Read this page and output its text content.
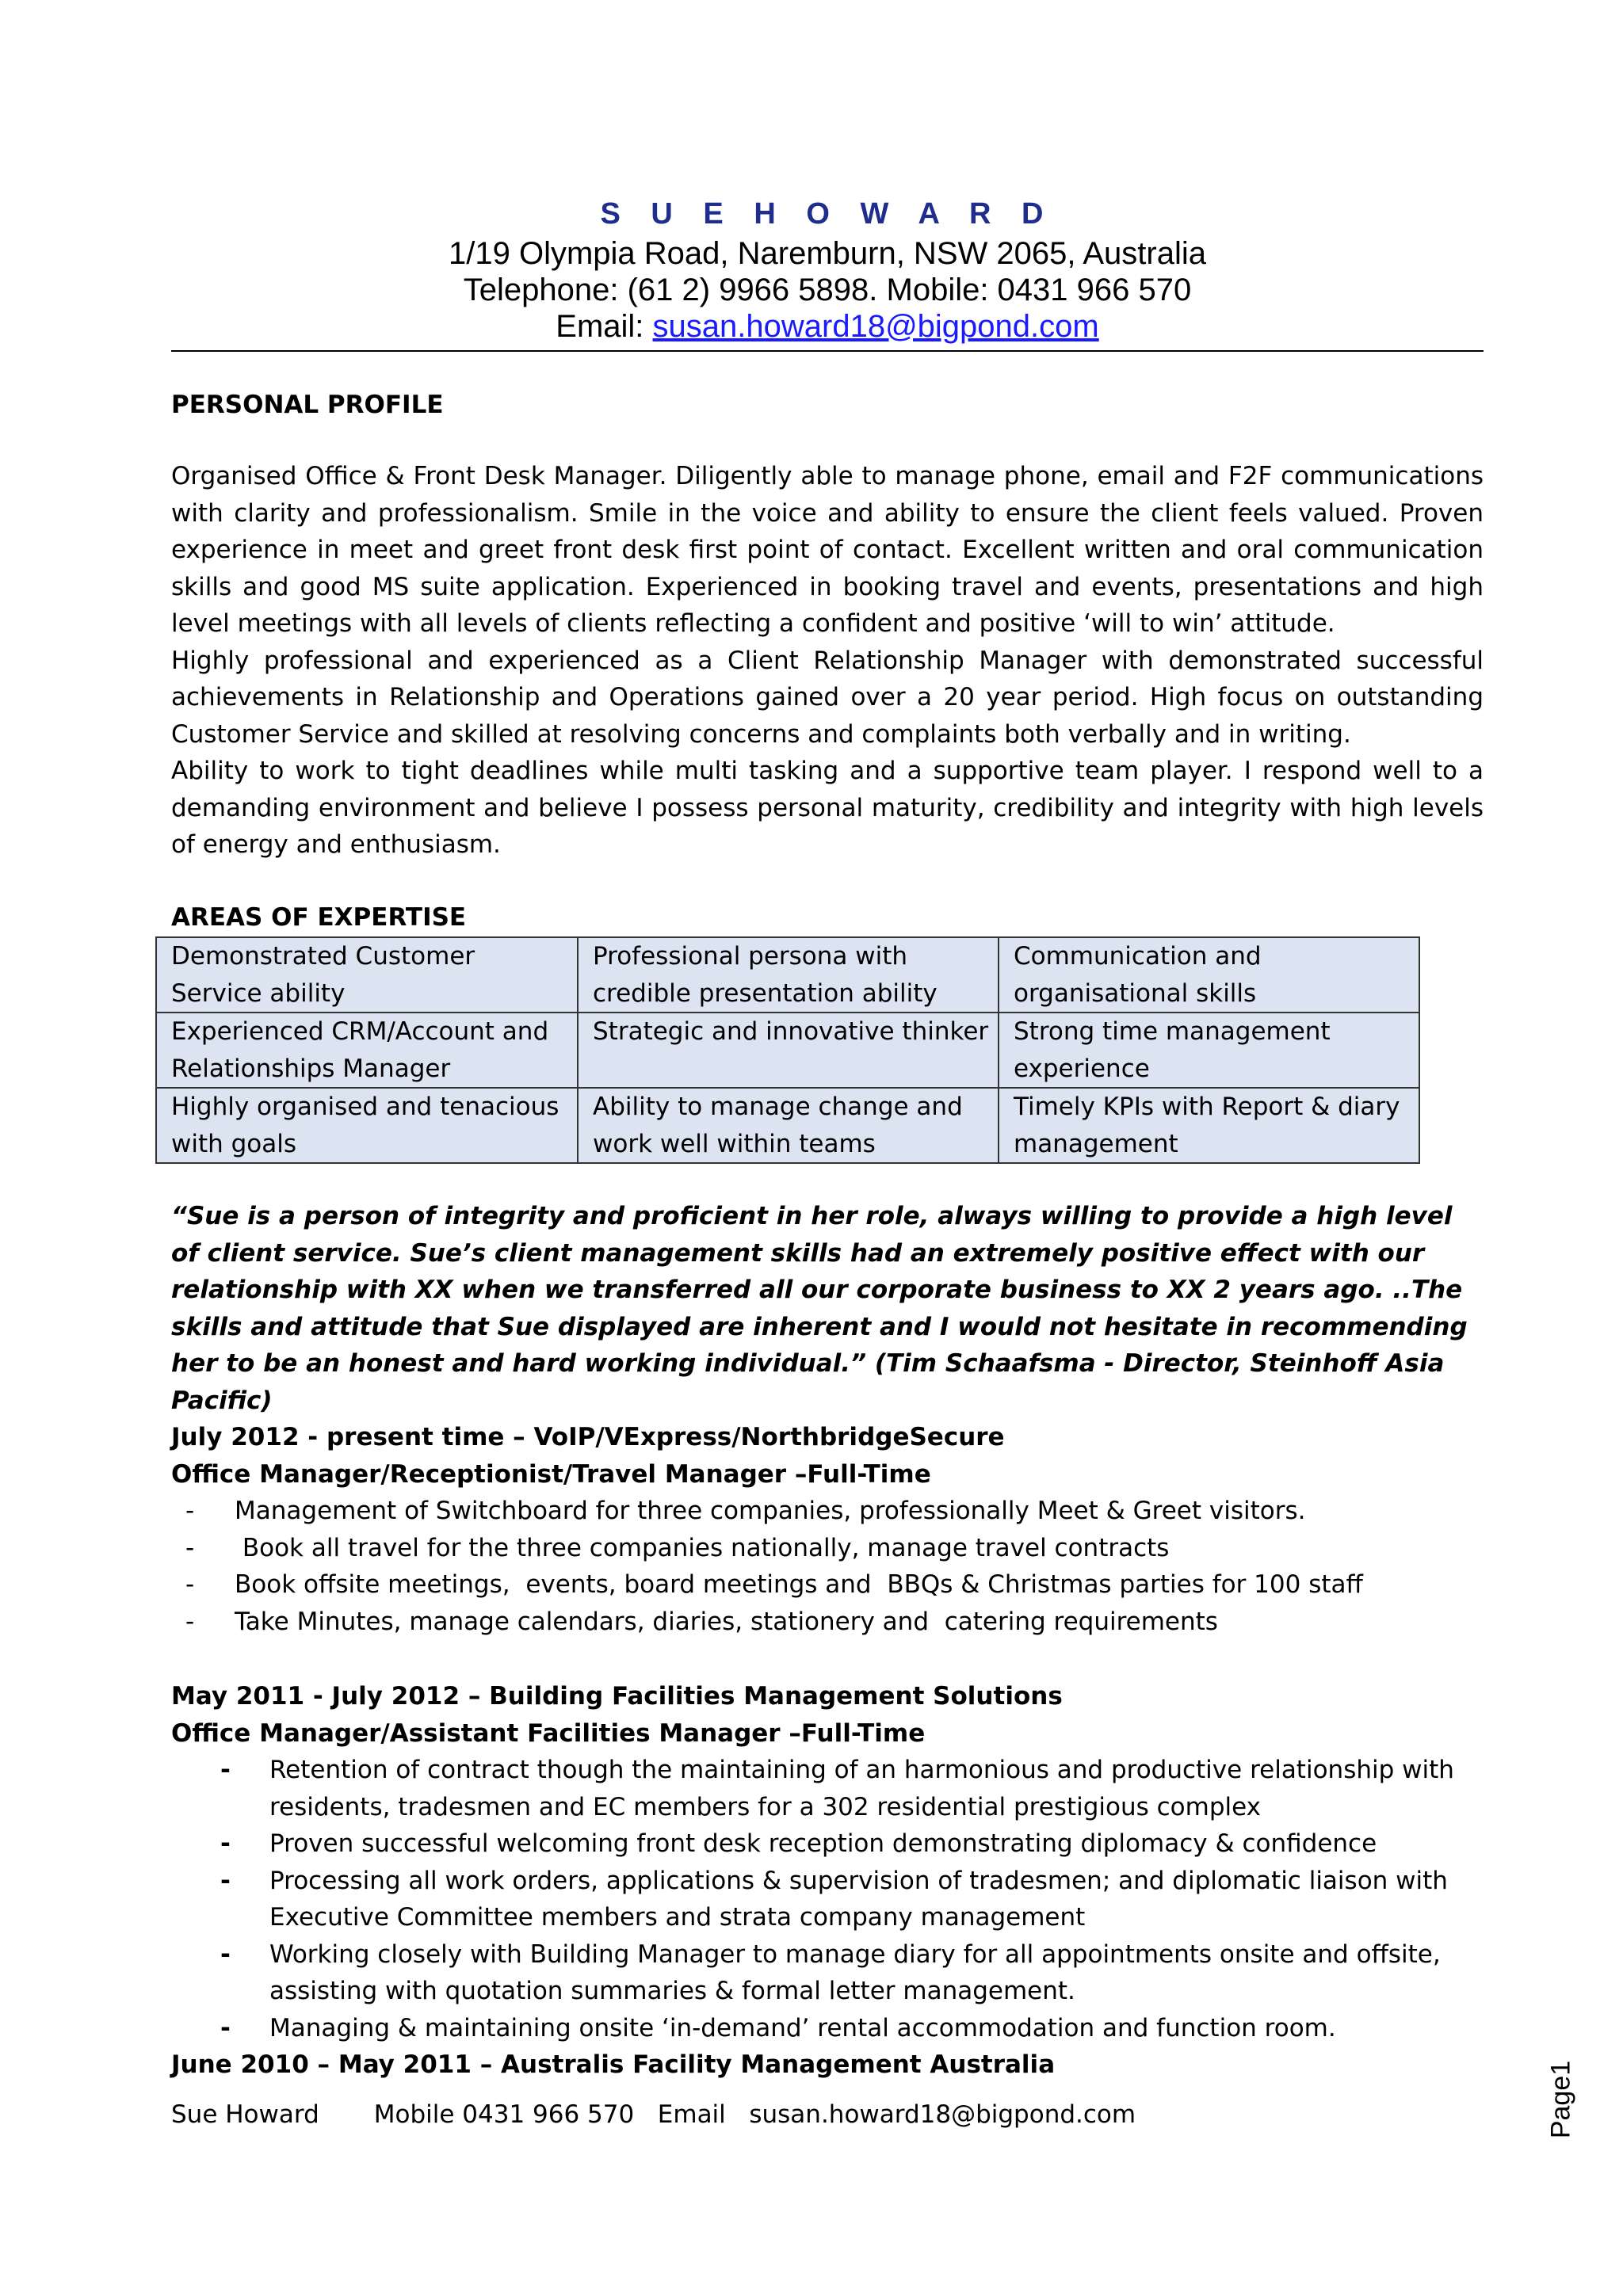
S U E H O W A R D
1/19 Olympia Road, Naremburn, NSW 2065, Australia
Telephone: (61 2) 9966 5898. Mobile: 0431 966 570
Email: susan.howard18@bigpond.com
PERSONAL PROFILE

Organised Office & Front Desk Manager. Diligently able to manage phone, email and F2F communications with clarity and professionalism. Smile in the voice and ability to ensure the client feels valued. Proven experience in meet and greet front desk first point of contact. Excellent written and oral communication skills and good MS suite application. Experienced in booking travel and events, presentations and high level meetings with all levels of clients reflecting a confident and positive ‘will to win’ attitude.

Highly professional and experienced as a Client Relationship Manager with demonstrated successful achievements in Relationship and Operations gained over a 20 year period. High focus on outstanding Customer Service and skilled at resolving concerns and complaints both verbally and in writing.

Ability to work to tight deadlines while multi tasking and a supportive team player. I respond well to a demanding environment and believe I possess personal maturity, credibility and integrity with high levels of energy and enthusiasm.

AREAS OF EXPERTISE
Demonstrated Customer Service ability	Professional persona with credible presentation ability	Communication and organisational skills
Experienced CRM/Account and Relationships Manager	Strategic and innovative thinker	Strong time management experience
Highly organised and tenacious with goals	Ability to manage change and work well within teams	Timely KPIs with Report & diary management
“Sue is a person of integrity and proficient in her role, always willing to provide a high level of client service. Sue’s client management skills had an extremely positive effect with our relationship with XX when we transferred all our corporate business to XX 2 years ago. ..The skills and attitude that Sue displayed are inherent and I would not hesitate in recommending her to be an honest and hard working individual.” (Tim Schaafsma - Director, Steinhoff Asia Pacific)
July 2012 - present time – VoIP/VExpress/NorthbridgeSecure
Office Manager/Receptionist/Travel Manager –Full-Time
- Management of Switchboard for three companies, professionally Meet & Greet visitors.
-  Book all travel for the three companies nationally, manage travel contracts
- Book offsite meetings,  events, board meetings and  BBQs & Christmas parties for 100 staff
- Take Minutes, manage calendars, diaries, stationery and  catering requirements
May 2011 - July 2012 – Building Facilities Management Solutions
Office Manager/Assistant Facilities Manager –Full-Time
- Retention of contract though the maintaining of an harmonious and productive relationship with residents, tradesmen and EC members for a 302 residential prestigious complex
- Proven successful welcoming front desk reception demonstrating diplomacy & confidence
- Processing all work orders, applications & supervision of tradesmen; and diplomatic liaison with Executive Committee members and strata company management
- Working closely with Building Manager to manage diary for all appointments onsite and offsite, assisting with quotation summaries & formal letter management.
- Managing & maintaining onsite ‘in-demand’ rental accommodation and function room.
June 2010 – May 2011 – Australis Facility Management Australia
Sue Howard       Mobile 0431 966 570   Email   susan.howard18@bigpond.com	Page1
